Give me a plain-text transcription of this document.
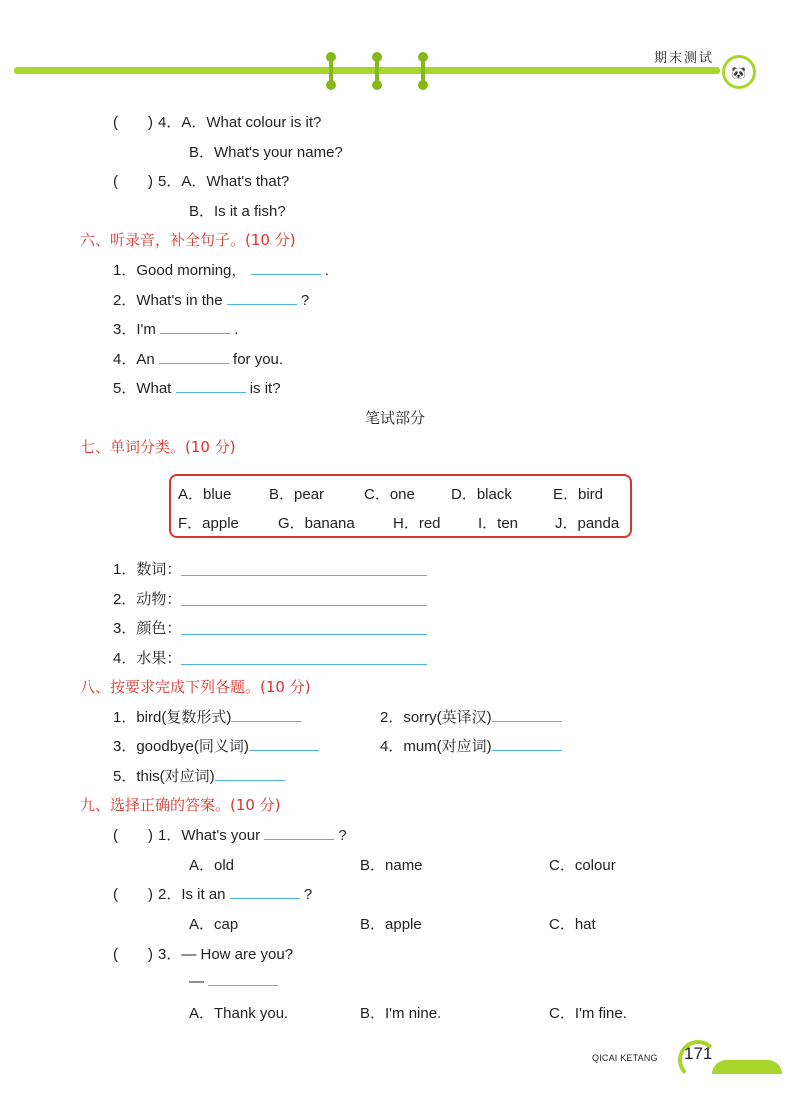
期末测试
🐼
(　　) 4．A．What colour is it?
B．What's your name?
(　　) 5．A．What's that?
B．Is it a fish?
六、听录音，补全句子。(10 分)
1．Good morning，	.
2．What's in the	?
3．I'm	.
4．An	for you.
5．What	is it?
笔试部分
七、单词分类。(10 分)
A．blue	B．pear	C．one D．black	E．bird
F．apple	G．banana	H．red I．ten J．panda
1．数词：
2．动物：
3．颜色：
4．水果：
八、按要求完成下列各题。(10 分)
1．bird(复数形式)	2．sorry(英译汉)
3．goodbye(同义词)	4．mum(对应词)
5．this(对应词)
九、选择正确的答案。(10 分)
(　　) 1．What's your	?
A．old	B．name	C．colour
(　　) 2．Is it an	?
A．cap	B．apple	C．hat
(　　) 3．— How are you?
—
A．Thank you.	B．I'm nine.	C．I'm fine.
QICAI KETANG 171
